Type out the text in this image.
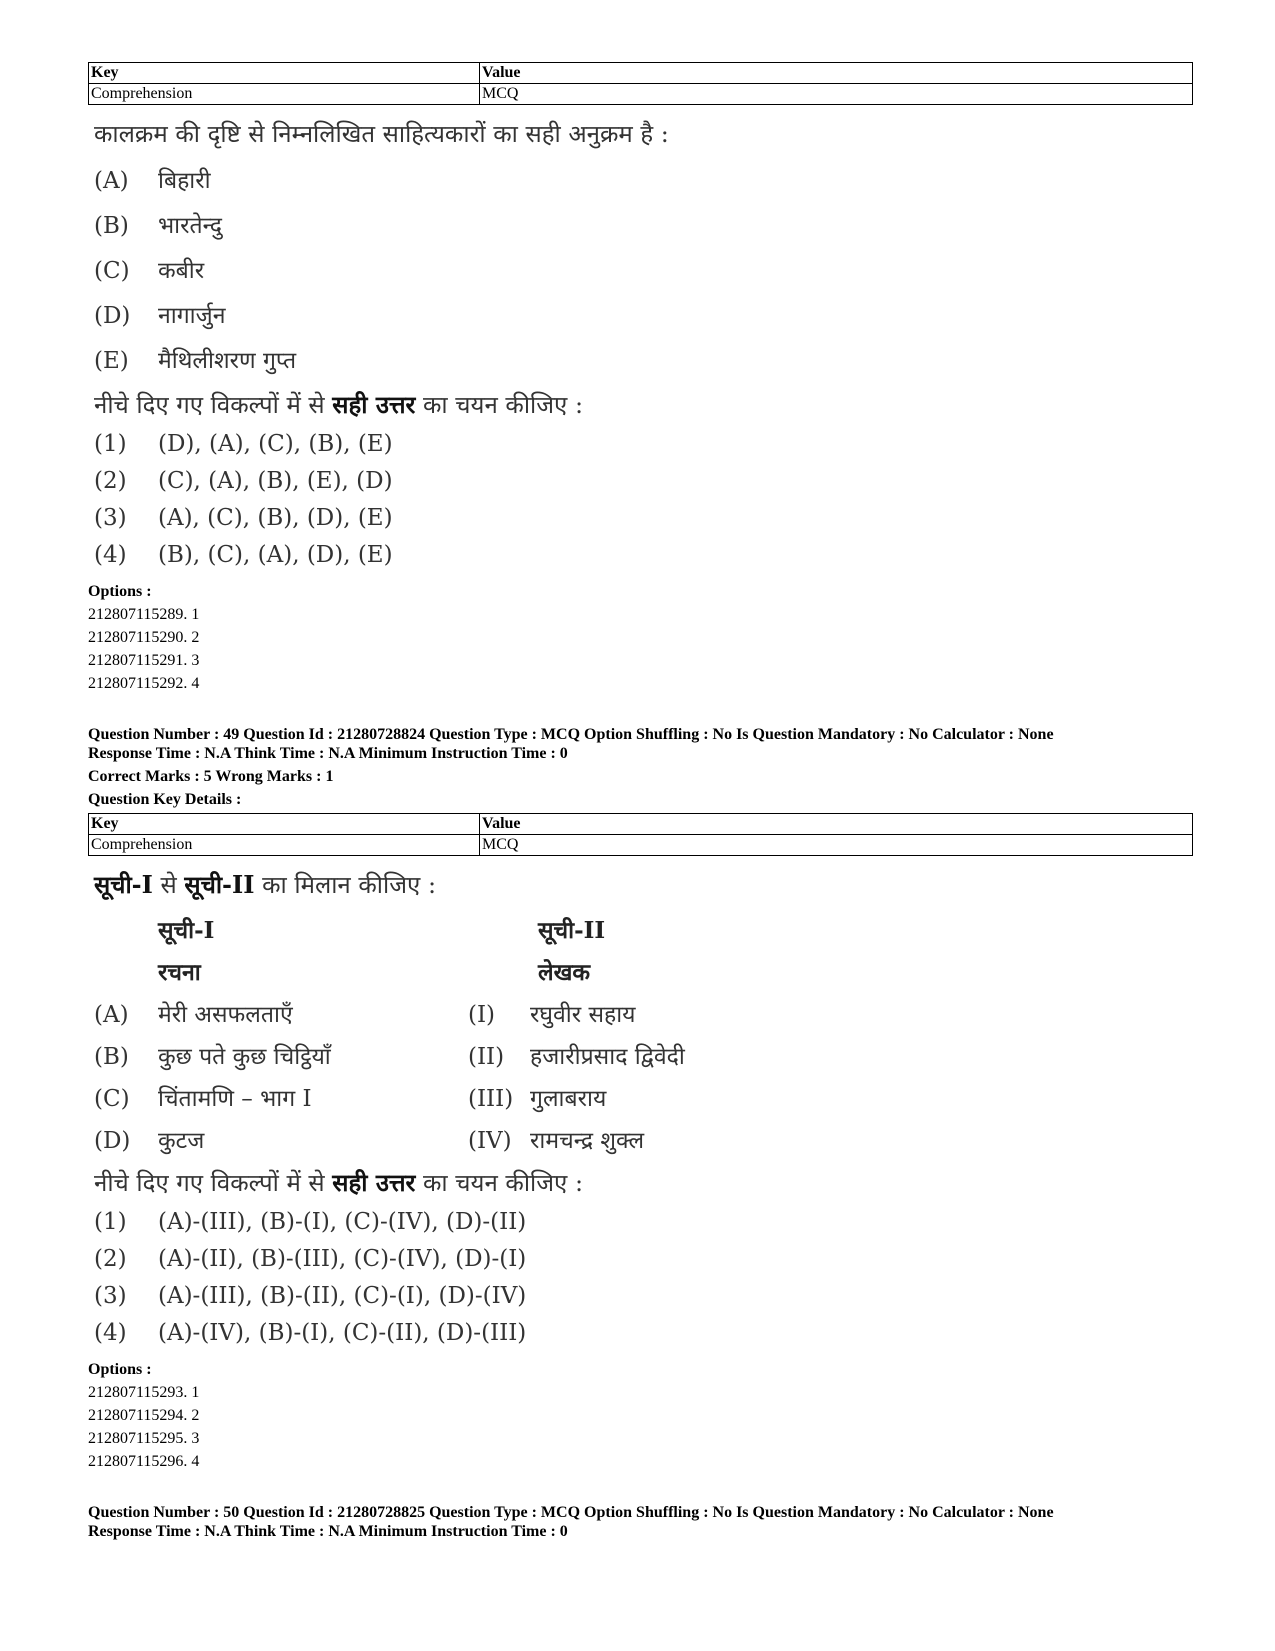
Key	Value
Comprehension	MCQ
कालक्रम की दृष्टि से निम्नलिखित साहित्यकारों का सही अनुक्रम है :
(A)	बिहारी
(B)	भारतेन्दु
(C)	कबीर
(D)	नागार्जुन
(E)	मैथिलीशरण गुप्त
नीचे दिए गए विकल्पों में से सही उत्तर का चयन कीजिए :
(1)	(D), (A), (C), (B), (E)
(2)	(C), (A), (B), (E), (D)
(3)	(A), (C), (B), (D), (E)
(4)	(B), (C), (A), (D), (E)
Options :
212807115289. 1
212807115290. 2
212807115291. 3
212807115292. 4
Question Number : 49 Question Id : 21280728824 Question Type : MCQ Option Shuffling : No Is Question Mandatory : No Calculator : None
Response Time : N.A Think Time : N.A Minimum Instruction Time : 0
Correct Marks : 5 Wrong Marks : 1
Question Key Details :
Key	Value
Comprehension	MCQ
सूची-I से सूची-II का मिलान कीजिए :
सूची-I	सूची-II
रचना	लेखक
(A)	मेरी असफलताएँ	(I)	रघुवीर सहाय
(B)	कुछ पते कुछ चिट्ठियाँ	(II)	हजारीप्रसाद द्विवेदी
(C)	चिंतामणि – भाग I	(III) गुलाबराय
(D)	कुटज	(IV) रामचन्द्र शुक्ल
नीचे दिए गए विकल्पों में से सही उत्तर का चयन कीजिए :
(1)	(A)-(III), (B)-(I), (C)-(IV), (D)-(II)
(2)	(A)-(II), (B)-(III), (C)-(IV), (D)-(I)
(3)	(A)-(III), (B)-(II), (C)-(I), (D)-(IV)
(4)	(A)-(IV), (B)-(I), (C)-(II), (D)-(III)
Options :
212807115293. 1
212807115294. 2
212807115295. 3
212807115296. 4
Question Number : 50 Question Id : 21280728825 Question Type : MCQ Option Shuffling : No Is Question Mandatory : No Calculator : None
Response Time : N.A Think Time : N.A Minimum Instruction Time : 0
